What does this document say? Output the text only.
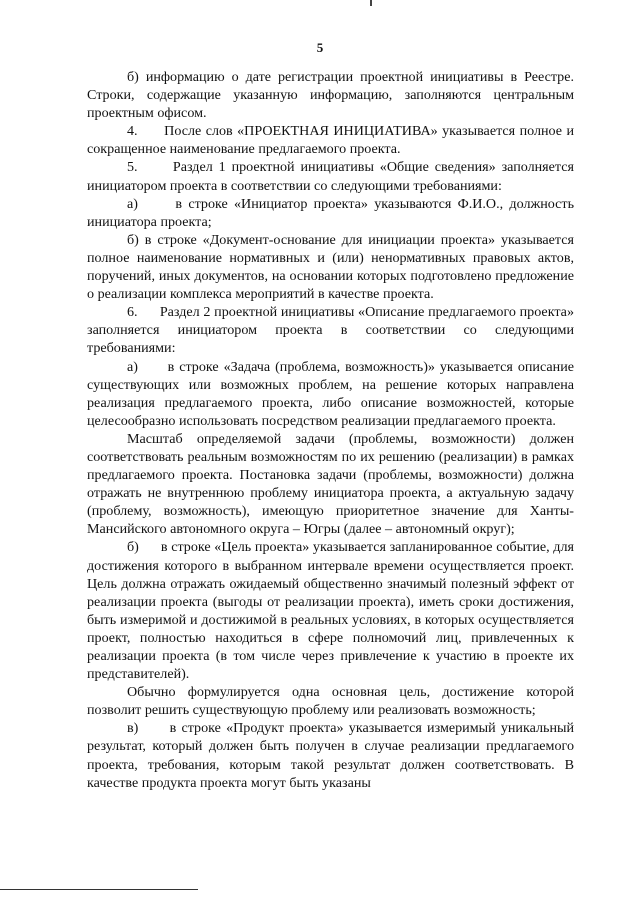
5

б) информацию о дате регистрации проектной инициативы в Реестре. Строки, содержащие указанную информацию, заполняются центральным проектным офисом.

4.      После слов «ПРОЕКТНАЯ ИНИЦИАТИВА» указывается полное и сокращенное наименование предлагаемого проекта.

5.      Раздел 1 проектной инициативы «Общие сведения» заполняется инициатором проекта в соответствии со следующими требованиями:

а)      в строке «Инициатор проекта» указываются Ф.И.О., должность инициатора проекта;

б) в строке «Документ-основание для инициации проекта» указывается полное наименование нормативных и (или) ненормативных правовых актов, поручений, иных документов, на основании которых подготовлено предложение о реализации комплекса мероприятий в качестве проекта.

6.      Раздел 2 проектной инициативы «Описание предлагаемого проекта» заполняется инициатором проекта в соответствии со следующими требованиями:

а)      в строке «Задача (проблема, возможность)» указывается описание существующих или возможных проблем, на решение которых направлена реализация предлагаемого проекта, либо описание возможностей, которые целесообразно использовать посредством реализации предлагаемого проекта.

Масштаб определяемой задачи (проблемы, возможности) должен соответствовать реальным возможностям по их решению (реализации) в рамках предлагаемого проекта. Постановка задачи (проблемы, возможности) должна отражать не внутреннюю проблему инициатора проекта, а актуальную задачу (проблему, возможность), имеющую приоритетное значение для Ханты-Мансийского автономного округа – Югры (далее – автономный округ);

б)      в строке «Цель проекта» указывается запланированное событие, для достижения которого в выбранном интервале времени осуществляется проект. Цель должна отражать ожидаемый общественно значимый полезный эффект от реализации проекта (выгоды от реализации проекта), иметь сроки достижения, быть измеримой и достижимой в реальных условиях, в которых осуществляется проект, полностью находиться в сфере полномочий лиц, привлеченных к реализации проекта (в том числе через привлечение к участию в проекте их представителей).

Обычно формулируется одна основная цель, достижение которой позволит решить существующую проблему или реализовать возможность;

в)      в строке «Продукт проекта» указывается измеримый уникальный результат, который должен быть получен в случае реализации предлагаемого проекта, требования, которым такой результат должен соответствовать. В качестве продукта проекта могут быть указаны
